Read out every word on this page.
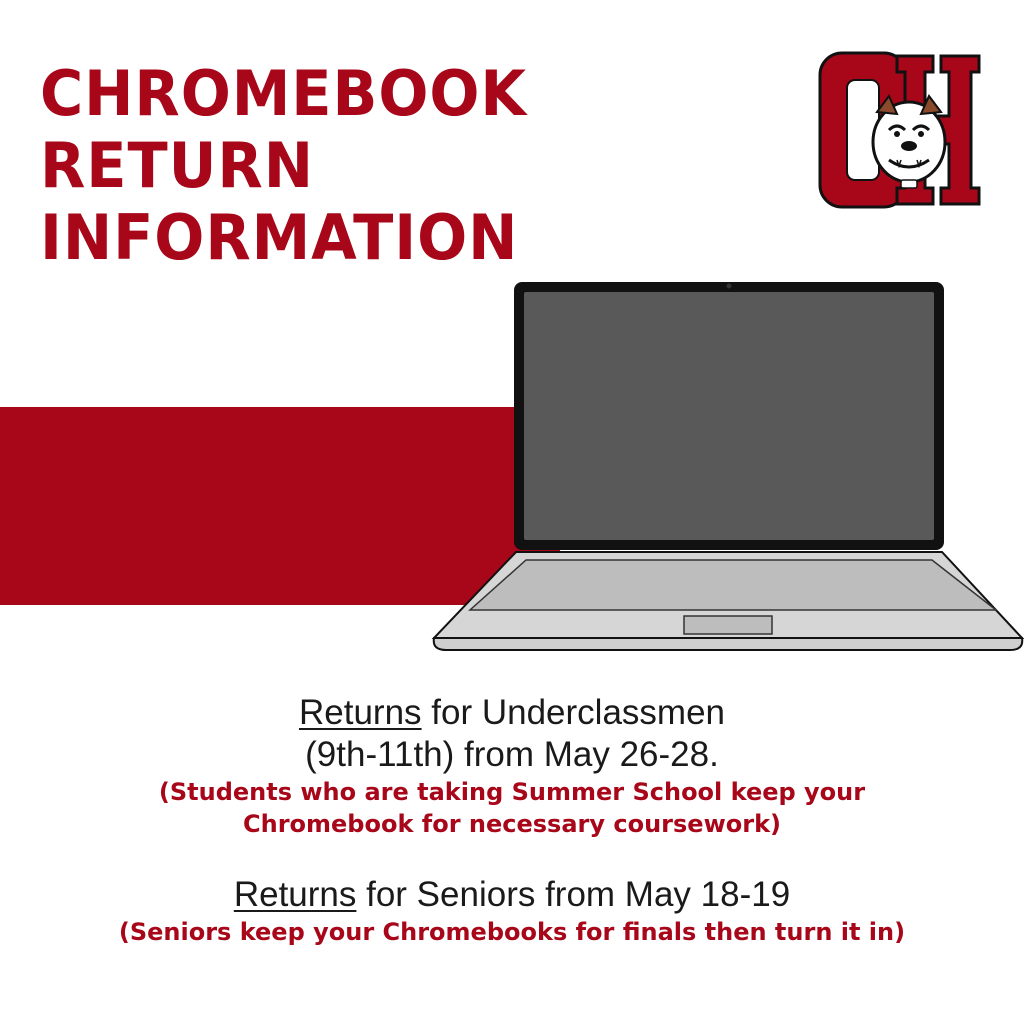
CHROMEBOOK
RETURN
INFORMATION
Returns for Underclassmen
(9th-11th) from May 26-28.
(Students who are taking Summer School keep your
Chromebook for necessary coursework)
Returns for Seniors from May 18-19
(Seniors keep your Chromebooks for finals then turn it in)
